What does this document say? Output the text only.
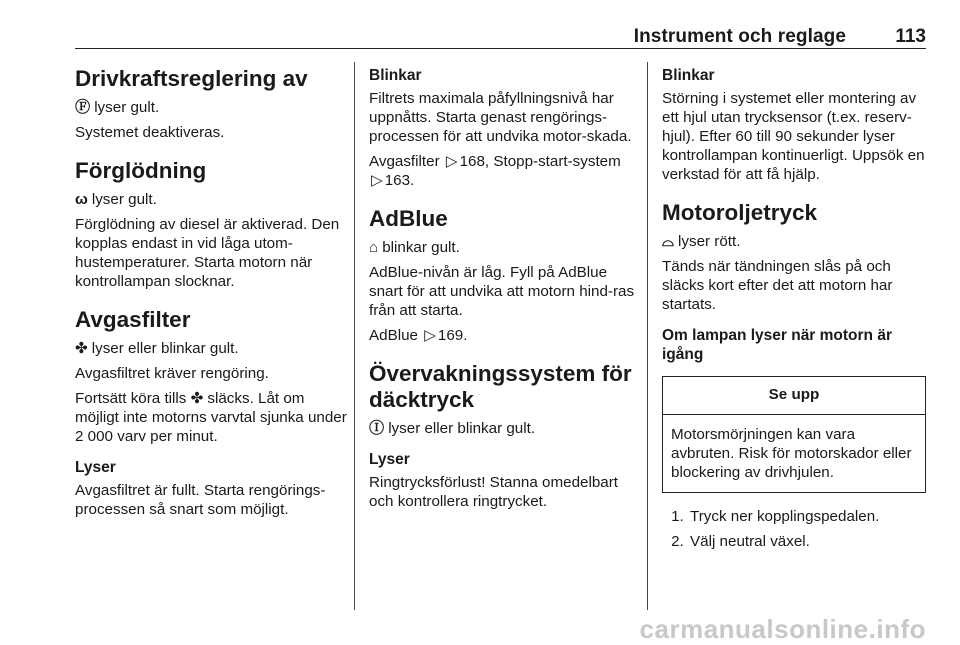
Instrument och reglage	113
Drivkraftsreglering av

Ⓕ lyser gult.

Systemet deaktiveras.

Förglödning

ω lyser gult.

Förglödning av diesel är aktiverad. Den kopplas endast in vid låga utom-hustemperaturer. Starta motorn när kontrollampan slocknar.

Avgasfilter

✤ lyser eller blinkar gult.

Avgasfiltret kräver rengöring.

Fortsätt köra tills ✤ släcks. Låt om möjligt inte motorns varvtal sjunka under 2 000 varv per minut.

Lyser

Avgasfiltret är fullt. Starta rengörings-processen så snart som möjligt.

Blinkar

Filtrets maximala påfyllningsnivå har uppnåtts. Starta genast rengörings-processen för att undvika motor-skada.

Avgasfilter ▷ 168, Stopp-start-system ▷ 163.

AdBlue

⌂ blinkar gult.

AdBlue-nivån är låg. Fyll på AdBlue snart för att undvika att motorn hind-ras från att starta.

AdBlue ▷ 169.

Övervakningssystem för däcktryck

Ⓘ lyser eller blinkar gult.

Lyser

Ringtrycksförlust! Stanna omedelbart och kontrollera ringtrycket.

Blinkar

Störning i systemet eller montering av ett hjul utan trycksensor (t.ex. reserv-hjul). Efter 60 till 90 sekunder lyser kontrollampan kontinuerligt. Uppsök en verkstad för att få hjälp.

Motoroljetryck

⌓ lyser rött.

Tänds när tändningen slås på och släcks kort efter det att motorn har startats.

Om lampan lyser när motorn är igång
Se upp
Motorsmörjningen kan vara avbruten. Risk för motorskador eller blockering av drivhjulen.
1. Tryck ner kopplingspedalen.
2. Välj neutral växel.
carmanualsonline.info
